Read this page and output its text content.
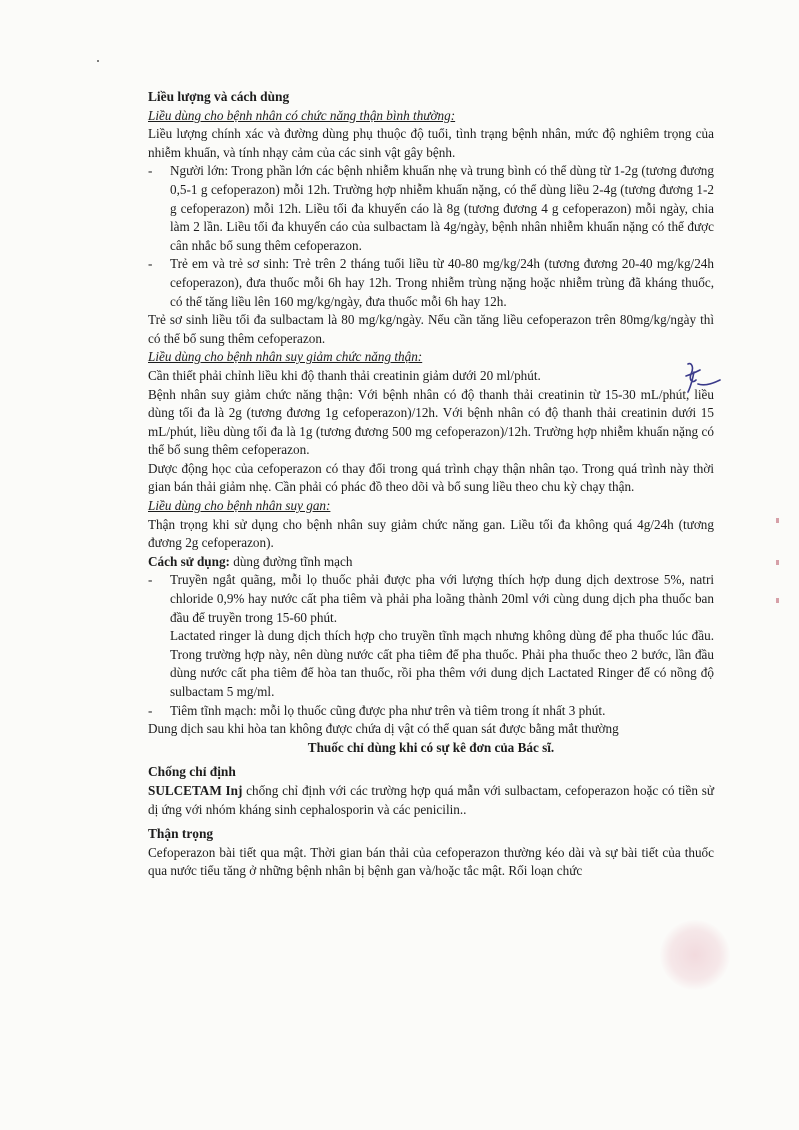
Liều lượng và cách dùng

Liều dùng cho bệnh nhân có chức năng thận bình thường:

Liều lượng chính xác và đường dùng phụ thuộc độ tuổi, tình trạng bệnh nhân, mức độ nghiêm trọng của nhiễm khuẩn, và tính nhạy cảm của các sinh vật gây bệnh.

-	Người lớn: Trong phần lớn các bệnh nhiễm khuẩn nhẹ và trung bình có thể dùng từ 1-2g (tương đương 0,5-1 g cefoperazon) mỗi 12h. Trường hợp nhiễm khuẩn nặng, có thể dùng liều 2-4g (tương đương 1-2 g cefoperazon) mỗi 12h. Liều tối đa khuyến cáo là 8g (tương đương 4 g cefoperazon) mỗi ngày, chia làm 2 lần. Liều tối đa khuyến cáo của sulbactam là 4g/ngày, bệnh nhân nhiễm khuẩn nặng có thể được cân nhắc bổ sung thêm cefoperazon.
-	Trẻ em và trẻ sơ sinh: Trẻ trên 2 tháng tuổi liều từ 40-80 mg/kg/24h (tương đương 20-40 mg/kg/24h cefoperazon), đưa thuốc mỗi 6h hay 12h. Trong nhiễm trùng nặng hoặc nhiễm trùng đã kháng thuốc, có thể tăng liều lên 160 mg/kg/ngày, đưa thuốc mỗi 6h hay 12h.

Trẻ sơ sinh liều tối đa sulbactam là 80 mg/kg/ngày. Nếu cần tăng liều cefoperazon trên 80mg/kg/ngày thì có thể bổ sung thêm cefoperazon.

Liều dùng cho bệnh nhân suy giảm chức năng thận:

Cần thiết phải chỉnh liều khi độ thanh thải creatinin giảm dưới 20 ml/phút.

Bệnh nhân suy giảm chức năng thận: Với bệnh nhân có độ thanh thải creatinin từ 15-30 mL/phút, liều dùng tối đa là 2g (tương đương 1g cefoperazon)/12h. Với bệnh nhân có độ thanh thải creatinin dưới 15 mL/phút, liều dùng tối đa là 1g (tương đương 500 mg cefoperazon)/12h. Trường hợp nhiễm khuẩn nặng có thể bổ sung thêm cefoperazon.

Dược động học của cefoperazon có thay đổi trong quá trình chạy thận nhân tạo. Trong quá trình này thời gian bán thải giảm nhẹ. Cần phải có phác đồ theo dõi và bổ sung liều theo chu kỳ chạy thận.

Liều dùng cho bệnh nhân suy gan:

Thận trọng khi sử dụng cho bệnh nhân suy giảm chức năng gan. Liều tối đa không quá 4g/24h (tương đương 2g cefoperazon).

Cách sử dụng: dùng đường tĩnh mạch

-	Truyền ngắt quãng, mỗi lọ thuốc phải được pha với lượng thích hợp dung dịch dextrose 5%, natri chloride 0,9% hay nước cất pha tiêm và phải pha loãng thành 20ml với cùng dung dịch pha thuốc ban đầu để truyền trong 15-60 phút.

Lactated ringer là dung dịch thích hợp cho truyền tĩnh mạch nhưng không dùng để pha thuốc lúc đầu. Trong trường hợp này, nên dùng nước cất pha tiêm để pha thuốc. Phải pha thuốc theo 2 bước, lần đầu dùng nước cất pha tiêm để hòa tan thuốc, rồi pha thêm với dung dịch Lactated Ringer để có nồng độ sulbactam 5 mg/ml.

-	Tiêm tĩnh mạch: mỗi lọ thuốc cũng được pha như trên và tiêm trong ít nhất 3 phút.

Dung dịch sau khi hòa tan không được chứa dị vật có thể quan sát được bằng mắt thường

Thuốc chỉ dùng khi có sự kê đơn của Bác sĩ.

Chống chỉ định

SULCETAM Inj chống chỉ định với các trường hợp quá mẫn với sulbactam, cefoperazon hoặc có tiền sử dị ứng với nhóm kháng sinh cephalosporin và các penicilin..

Thận trọng

Cefoperazon bài tiết qua mật. Thời gian bán thải của cefoperazon thường kéo dài và sự bài tiết của thuốc qua nước tiểu tăng ở những bệnh nhân bị bệnh gan và/hoặc tắc mật. Rối loạn chức
